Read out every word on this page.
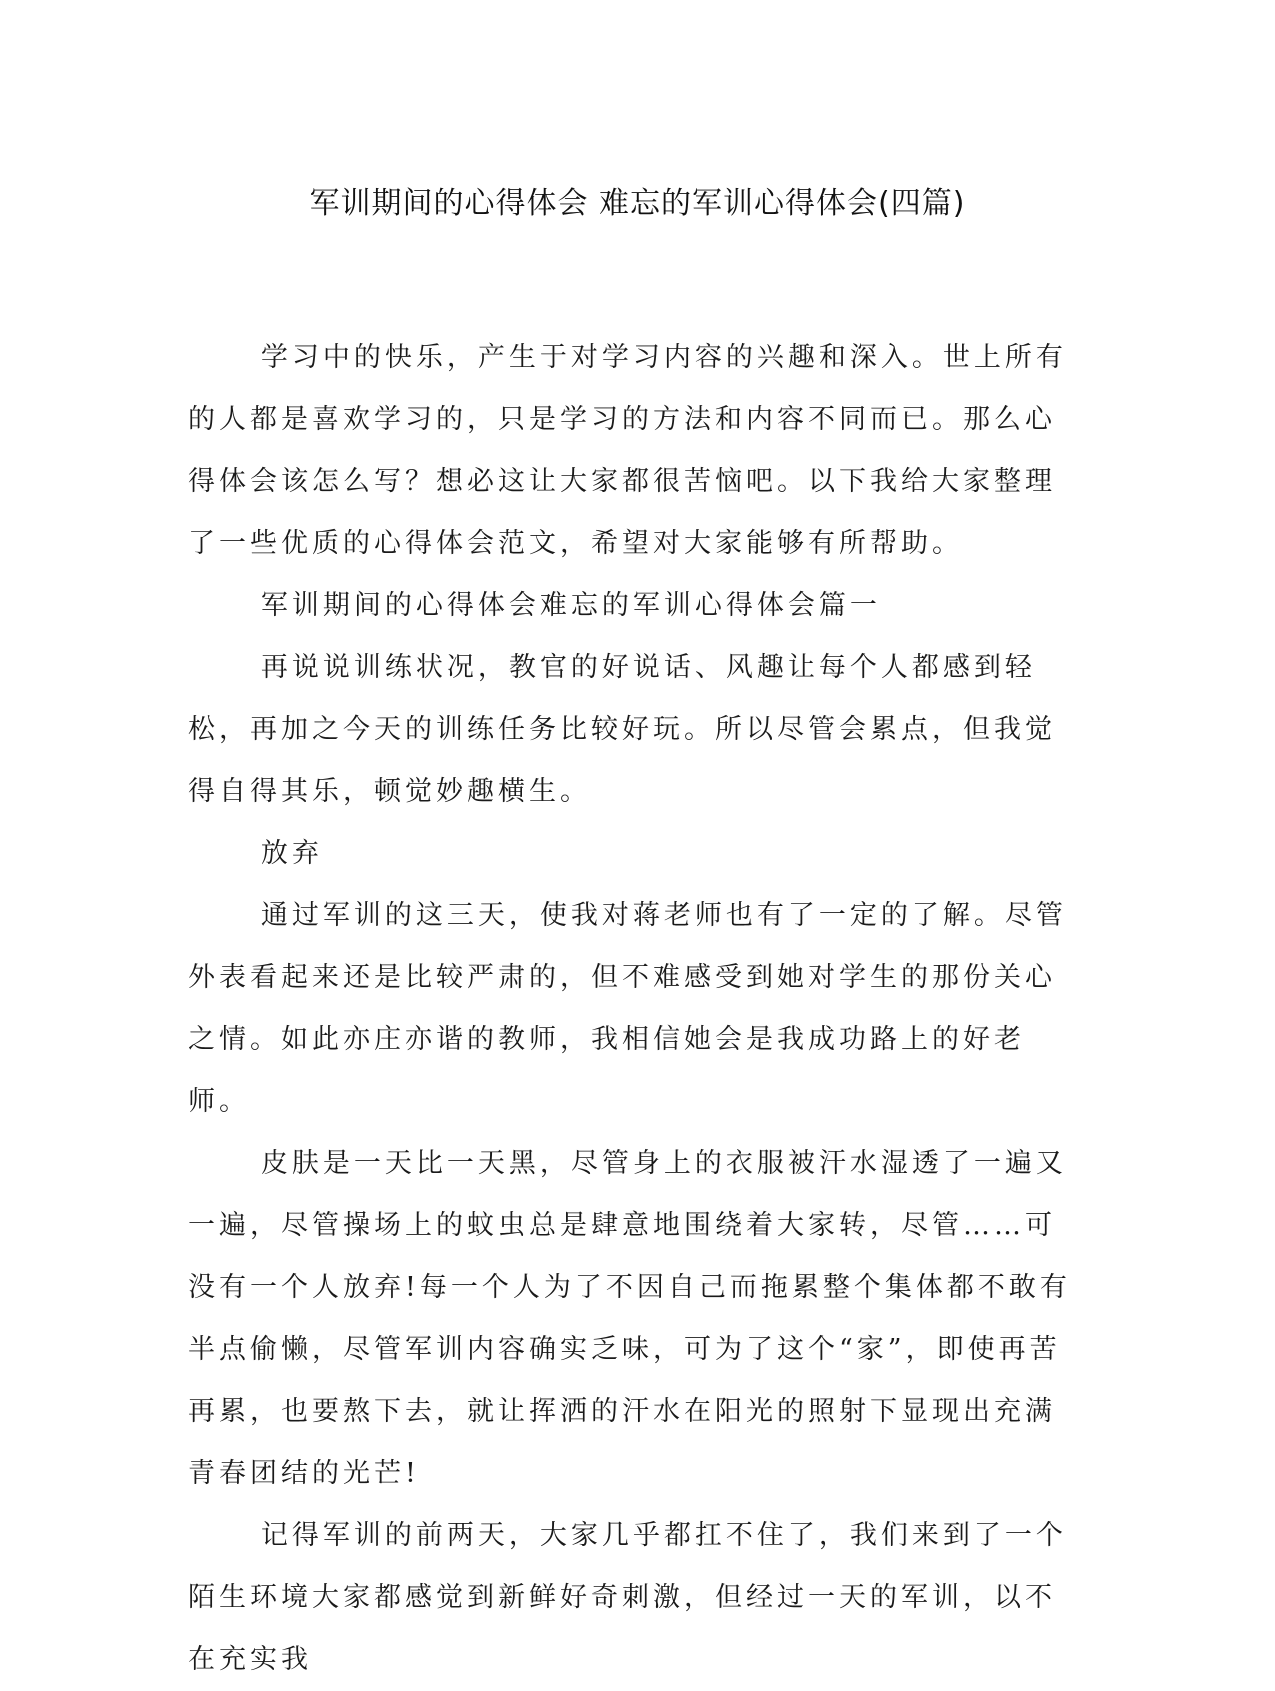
军训期间的心得体会 难忘的军训心得体会(四篇)

学习中的快乐，产生于对学习内容的兴趣和深入。世上所有的人都是喜欢学习的，只是学习的方法和内容不同而已。那么心得体会该怎么写？想必这让大家都很苦恼吧。以下我给大家整理了一些优质的心得体会范文，希望对大家能够有所帮助。

军训期间的心得体会难忘的军训心得体会篇一

再说说训练状况，教官的好说话、风趣让每个人都感到轻松，再加之今天的训练任务比较好玩。所以尽管会累点，但我觉得自得其乐，顿觉妙趣横生。

放弃

通过军训的这三天，使我对蒋老师也有了一定的了解。尽管外表看起来还是比较严肃的，但不难感受到她对学生的那份关心之情。如此亦庄亦谐的教师，我相信她会是我成功路上的好老师。

皮肤是一天比一天黑，尽管身上的衣服被汗水湿透了一遍又一遍，尽管操场上的蚊虫总是肆意地围绕着大家转，尽管……可没有一个人放弃!每一个人为了不因自己而拖累整个集体都不敢有半点偷懒，尽管军训内容确实乏味，可为了这个“家”，即使再苦再累，也要熬下去，就让挥洒的汗水在阳光的照射下显现出充满青春团结的光芒!

记得军训的前两天，大家几乎都扛不住了，我们来到了一个陌生环境大家都感觉到新鲜好奇刺激，但经过一天的军训，以不在充实我
